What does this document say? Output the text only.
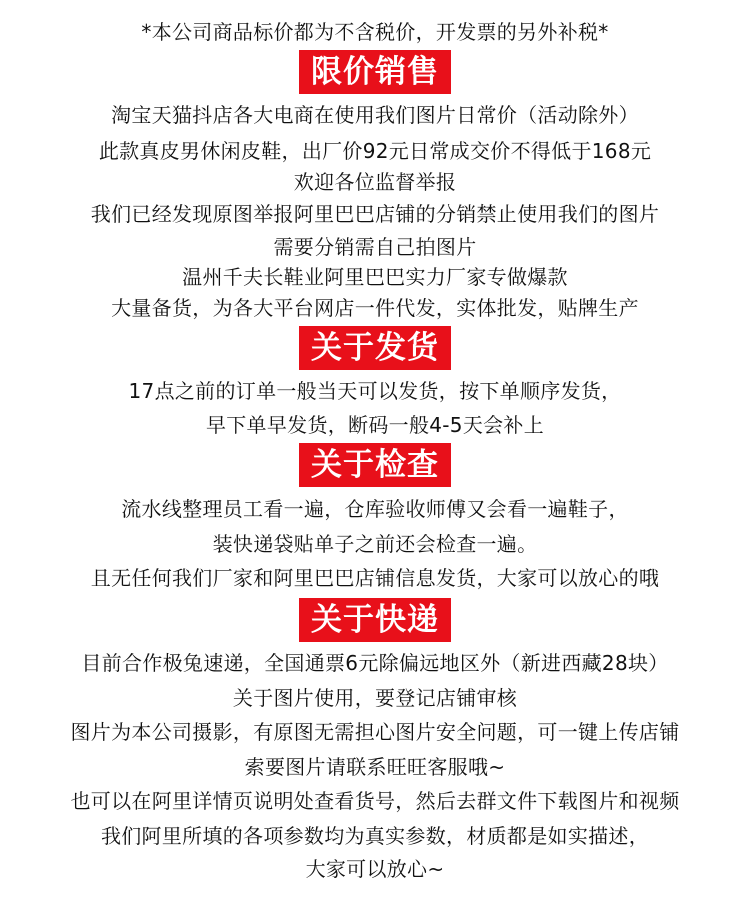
*本公司商品标价都为不含税价，开发票的另外补税*
限价销售
淘宝天猫抖店各大电商在使用我们图片日常价（活动除外）
此款真皮男休闲皮鞋，出厂价92元日常成交价不得低于168元
欢迎各位监督举报
我们已经发现原图举报阿里巴巴店铺的分销禁止使用我们的图片
需要分销需自己拍图片
温州千夫长鞋业阿里巴巴实力厂家专做爆款
大量备货，为各大平台网店一件代发，实体批发，贴牌生产
关于发货
17点之前的订单一般当天可以发货，按下单顺序发货，
早下单早发货，断码一般4-5天会补上
关于检查
流水线整理员工看一遍，仓库验收师傅又会看一遍鞋子，
装快递袋贴单子之前还会检查一遍。
且无任何我们厂家和阿里巴巴店铺信息发货，大家可以放心的哦
关于快递
目前合作极兔速递，全国通票6元除偏远地区外（新进西藏28块）
关于图片使用，要登记店铺审核
图片为本公司摄影，有原图无需担心图片安全问题，可一键上传店铺
索要图片请联系旺旺客服哦~
也可以在阿里详情页说明处查看货号，然后去群文件下载图片和视频
我们阿里所填的各项参数均为真实参数，材质都是如实描述，
大家可以放心~
